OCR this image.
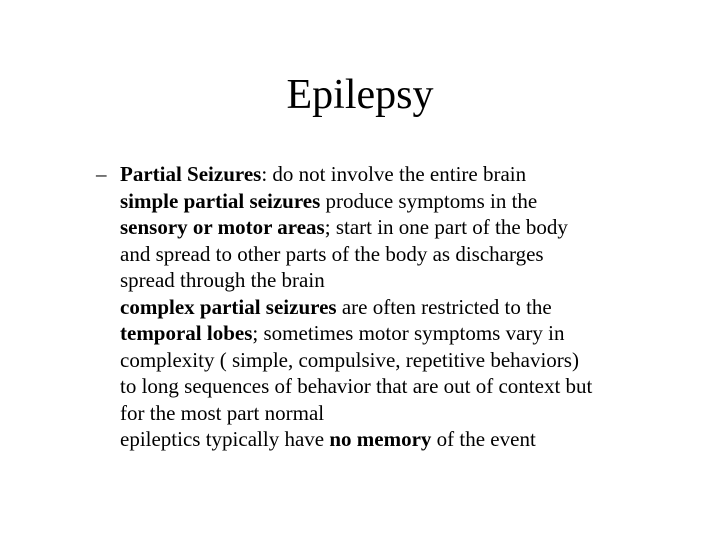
Epilepsy
– Partial Seizures: do not involve the entire brain
simple partial seizures produce symptoms in the
sensory or motor areas; start in one part of the body
and spread to other parts of the body as discharges
spread through the brain
complex partial seizures are often restricted to the
temporal lobes; sometimes motor symptoms vary in
complexity ( simple, compulsive, repetitive behaviors)
to long sequences of behavior that are out of context but
for the most part normal
epileptics typically have no memory of the event
